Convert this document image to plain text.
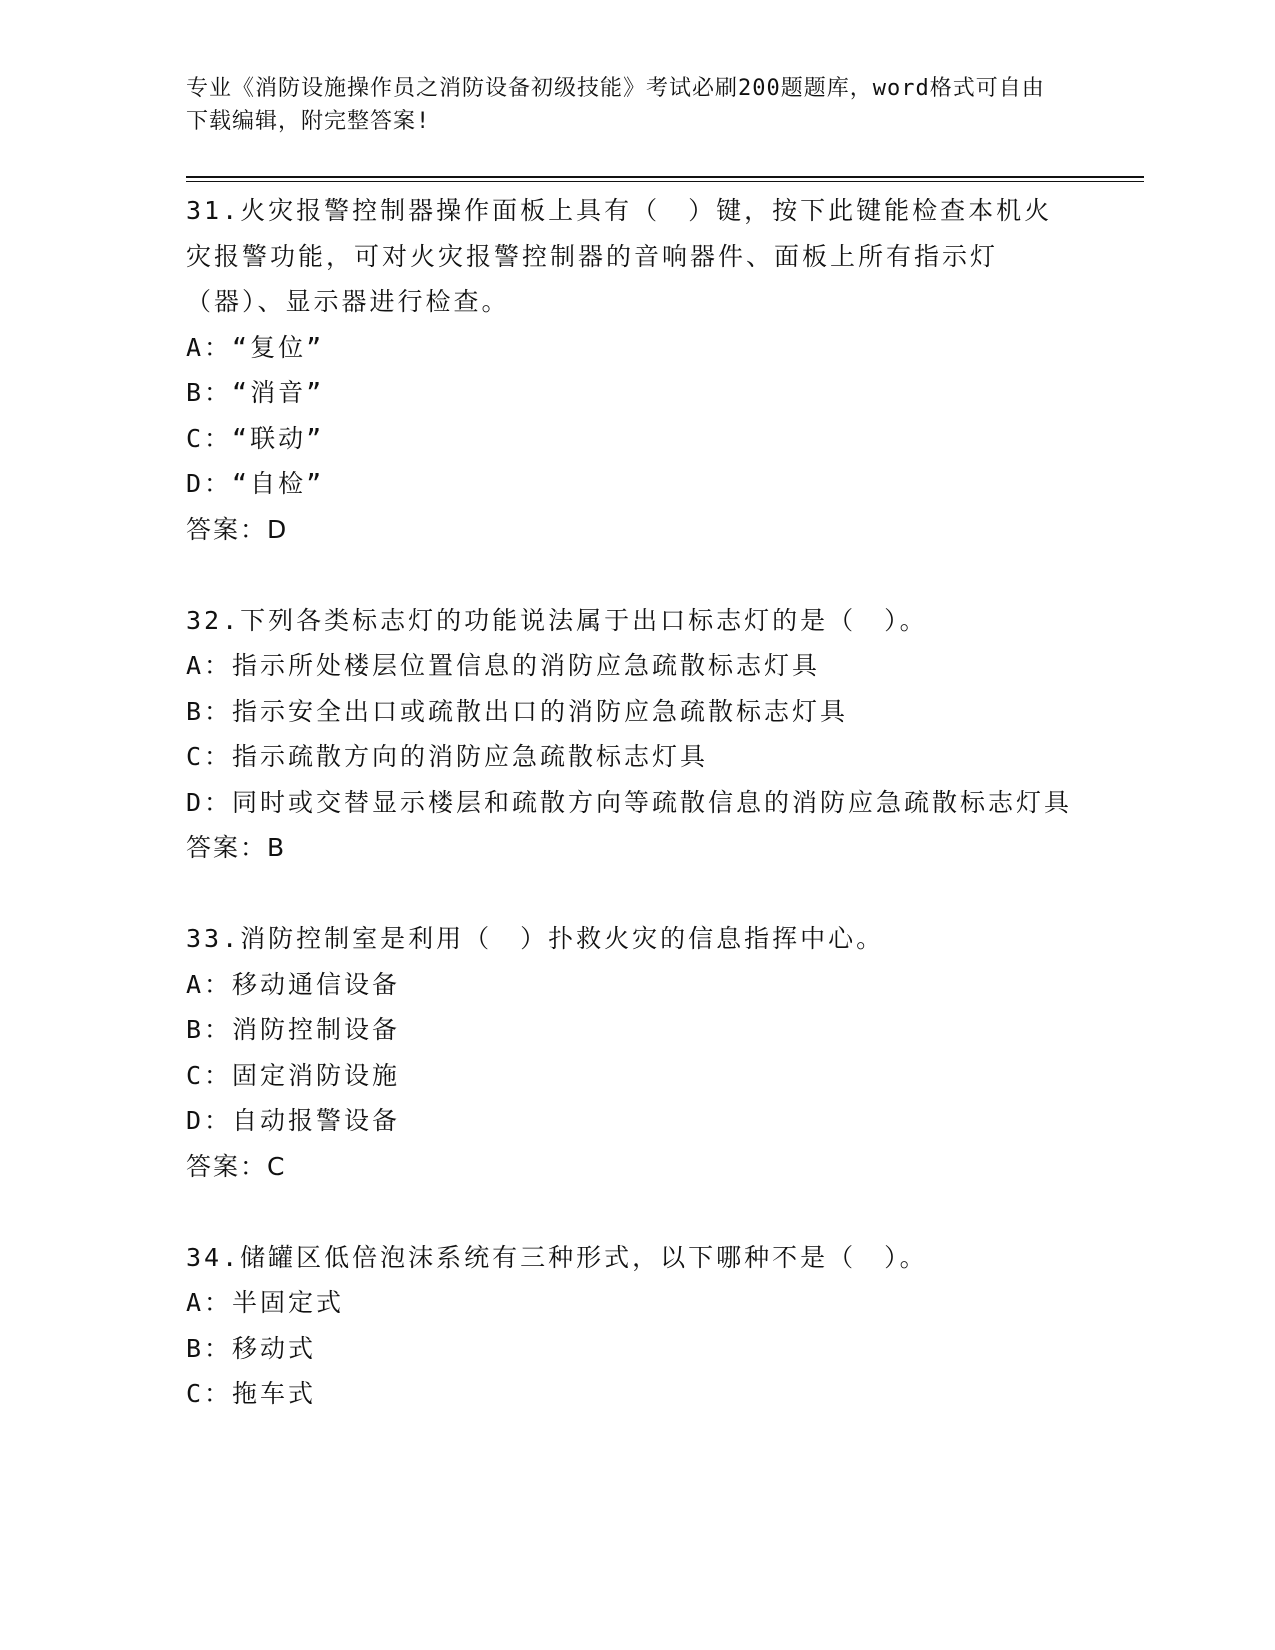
专业《消防设施操作员之消防设备初级技能》考试必刷200题题库，word格式可自由下载编辑，附完整答案!
31.火灾报警控制器操作面板上具有（　）键，按下此键能检查本机火灾报警功能，可对火灾报警控制器的音响器件、面板上所有指示灯（器）、显示器进行检查。
A：“复位”
B：“消音”
C：“联动”
D：“自检”
答案：D
32.下列各类标志灯的功能说法属于出口标志灯的是（　）。
A：指示所处楼层位置信息的消防应急疏散标志灯具
B：指示安全出口或疏散出口的消防应急疏散标志灯具
C：指示疏散方向的消防应急疏散标志灯具
D：同时或交替显示楼层和疏散方向等疏散信息的消防应急疏散标志灯具
答案：B
33.消防控制室是利用（　）扑救火灾的信息指挥中心。
A：移动通信设备
B：消防控制设备
C：固定消防设施
D：自动报警设备
答案：C
34.储罐区低倍泡沫系统有三种形式，以下哪种不是（　）。
A：半固定式
B：移动式
C：拖车式
